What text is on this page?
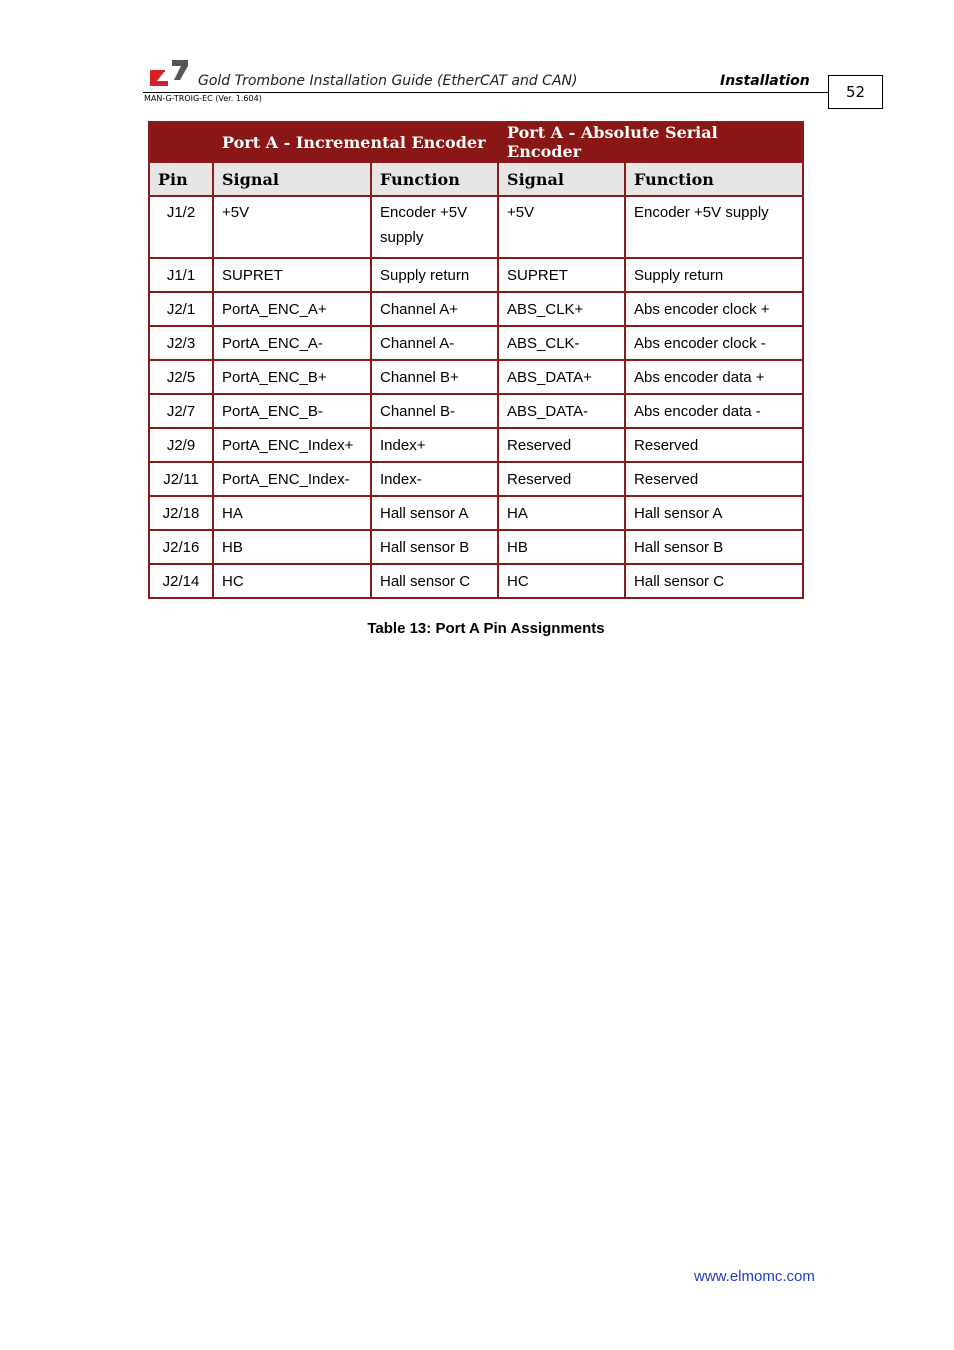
Gold Trombone Installation Guide (EtherCAT and CAN)	Installation
MAN-G-TROIG-EC (Ver. 1.604)	52
	Port A - Incremental Encoder		Port A - Absolute Serial Encoder	
Pin	Signal	Function	Signal	Function
J1/2	+5V	Encoder +5V supply	+5V	Encoder +5V supply
J1/1	SUPRET	Supply return	SUPRET	Supply return
J2/1	PortA_ENC_A+	Channel A+	ABS_CLK+	Abs encoder clock +
J2/3	PortA_ENC_A-	Channel A-	ABS_CLK-	Abs encoder clock -
J2/5	PortA_ENC_B+	Channel B+	ABS_DATA+	Abs encoder data +
J2/7	PortA_ENC_B-	Channel B-	ABS_DATA-	Abs encoder data -
J2/9	PortA_ENC_Index+	Index+	Reserved	Reserved
J2/11	PortA_ENC_Index-	Index-	Reserved	Reserved
J2/18	HA	Hall sensor A	HA	Hall sensor A
J2/16	HB	Hall sensor B	HB	Hall sensor B
J2/14	HC	Hall sensor C	HC	Hall sensor C
Table 13: Port A Pin Assignments
www.elmomc.com
